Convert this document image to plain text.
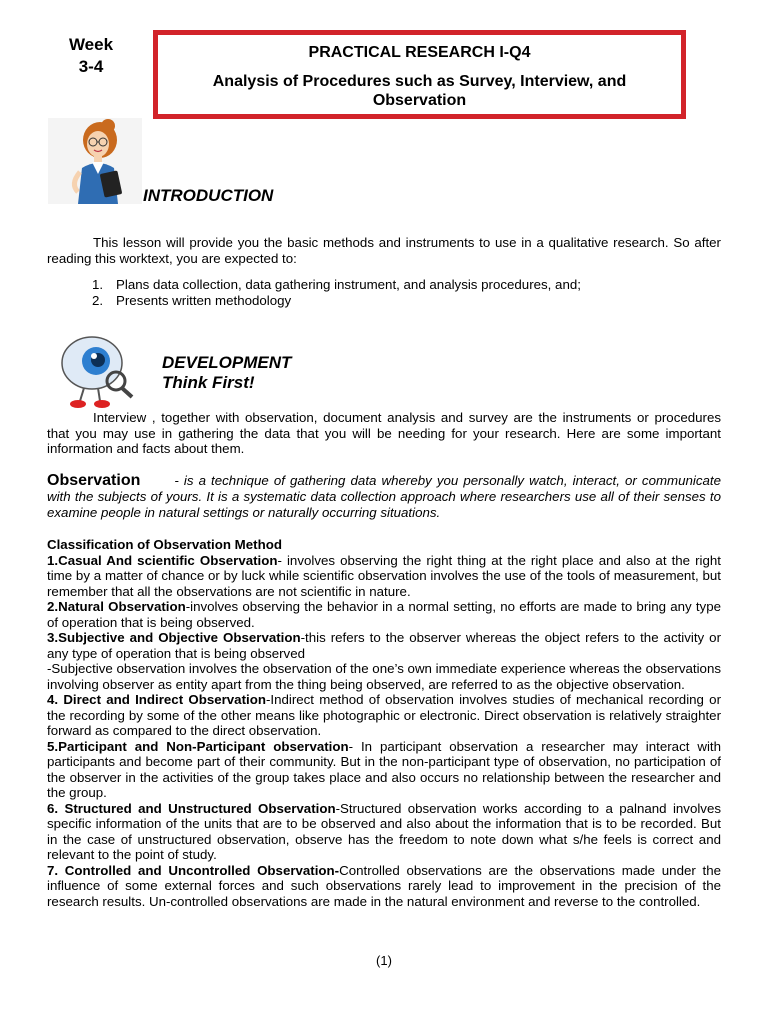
Week
3-4
PRACTICAL RESEARCH I-Q4
Analysis of Procedures such as Survey, Interview, and Observation
INTRODUCTION

This lesson will provide you the basic methods and instruments to use in a qualitative research. So after reading this worktext, you are expected to:

1. Plans data collection, data gathering instrument, and analysis procedures, and;
2. Presents written methodology
DEVELOPMENT
Think First!

Interview , together with observation, document analysis and survey are the instruments or procedures that you may use in gathering the data that you will be needing for your research. Here are some important information and facts about them.

Observation	- is a technique of gathering data whereby you personally watch, interact, or communicate with the subjects of yours. It is a systematic data collection approach where researchers use all of their senses to examine people in natural settings or naturally occurring situations.
Classification of Observation Method
1.Casual And scientific Observation- involves observing the right thing at the right place and also at the right time by a matter of chance or by luck while scientific observation involves the use of the tools of measurement, but remember that all the observations are not scientific in nature.
2.Natural Observation-involves observing the behavior in a normal setting, no efforts are made to bring any type of operation that is being observed.
3.Subjective and Objective Observation-this refers to the observer whereas the object refers to the activity or any type of operation that is being observed
-Subjective observation involves the observation of the one’s own immediate experience whereas the observations involving observer as entity apart from the thing being observed, are referred to as the objective observation.
4. Direct and Indirect Observation-Indirect method of observation involves studies of mechanical recording or the recording by some of the other means like photographic or electronic. Direct observation is relatively straighter forward as compared to the direct observation.
5.Participant and Non-Participant observation- In participant observation a researcher may interact with participants and become part of their community. But in the non-participant type of observation, no participation of the observer in the activities of the group takes place and also occurs no relationship between the researcher and the group.
6. Structured and Unstructured Observation-Structured observation works according to a palnand involves specific information of the units that are to be observed and also about the information that is to be recorded. But in the case of unstructured observation, observe has the freedom to note down what s/he feels is correct and relevant to the point of study.
7. Controlled and Uncontrolled Observation-Controlled observations are the observations made under the influence of some external forces and such observations rarely lead to improvement in the precision of the research results. Un-controlled observations are made in the natural environment and reverse to the controlled.
(1)
